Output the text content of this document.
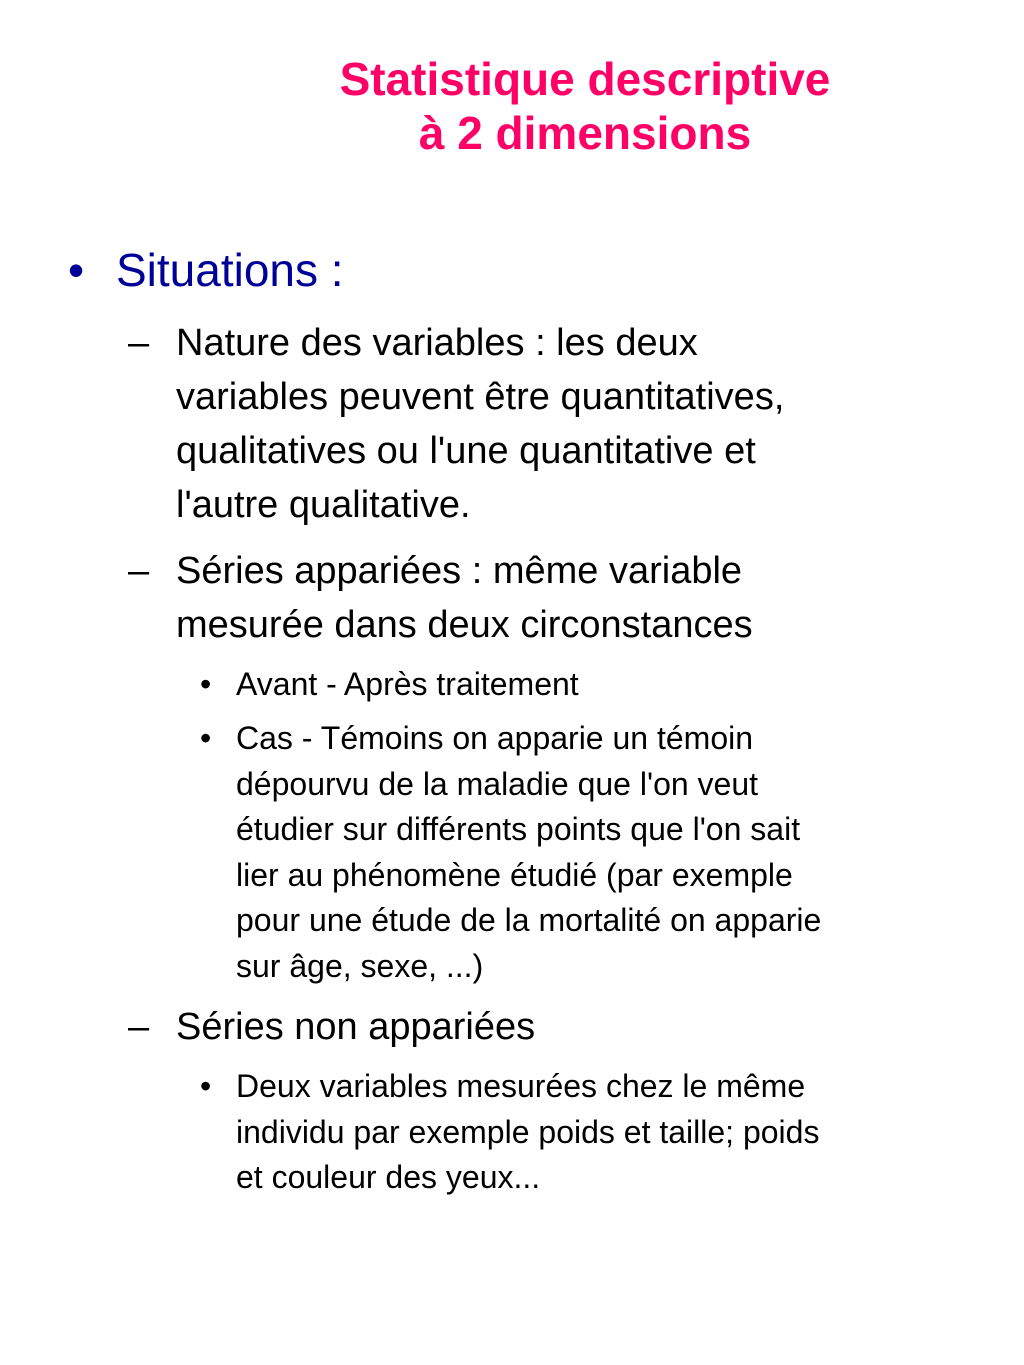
Statistique descriptive
à 2 dimensions
• Situations :
– Nature des variables : les deux
variables peuvent être quantitatives,
qualitatives ou l'une quantitative et
l'autre qualitative.
– Séries appariées : même variable
mesurée dans deux circonstances
• Avant - Après traitement
• Cas - Témoins on apparie un témoin
dépourvu de la maladie que l'on veut
étudier sur différents points que l'on sait
lier au phénomène étudié (par exemple
pour une étude de la mortalité on apparie
sur âge, sexe, ...)
– Séries non appariées
• Deux variables mesurées chez le même
individu par exemple poids et taille; poids
et couleur des yeux...
